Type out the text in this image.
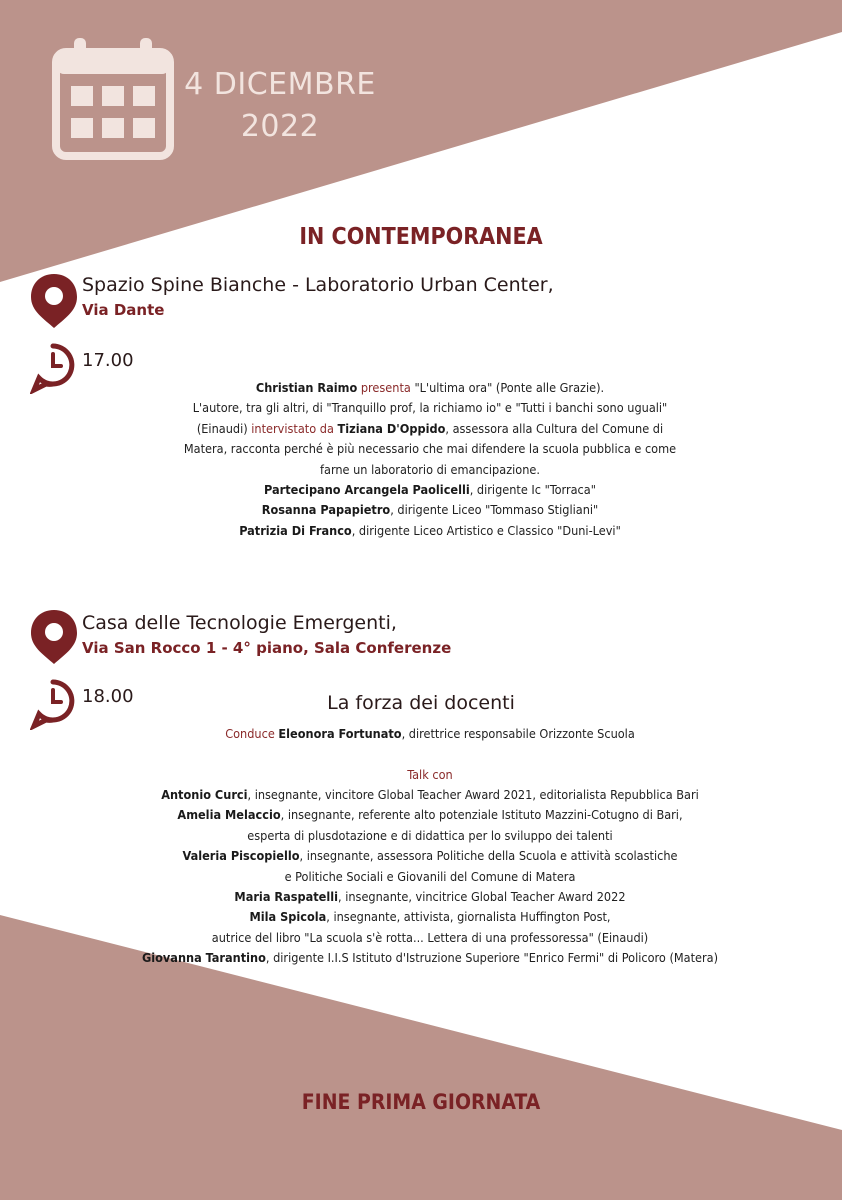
4 DICEMBRE
2022
IN CONTEMPORANEA
Spazio Spine Bianche - Laboratorio Urban Center,
Via Dante
17.00
Christian Raimo presenta "L'ultima ora" (Ponte alle Grazie).
L'autore, tra gli altri, di "Tranquillo prof, la richiamo io" e "Tutti i banchi sono uguali"
(Einaudi) intervistato da Tiziana D'Oppido, assessora alla Cultura del Comune di
Matera, racconta perché è più necessario che mai difendere la scuola pubblica e come
farne un laboratorio di emancipazione.
Partecipano Arcangela Paolicelli, dirigente Ic "Torraca"
Rosanna Papapietro, dirigente Liceo "Tommaso Stigliani"
Patrizia Di Franco, dirigente Liceo Artistico e Classico "Duni-Levi"
Casa delle Tecnologie Emergenti,
Via San Rocco 1 - 4° piano, Sala Conferenze
18.00	La forza dei docenti
Conduce Eleonora Fortunato, direttrice responsabile Orizzonte Scuola
Talk con
Antonio Curci, insegnante, vincitore Global Teacher Award 2021, editorialista Repubblica Bari
Amelia Melaccio, insegnante, referente alto potenziale Istituto Mazzini-Cotugno di Bari,
esperta di plusdotazione e di didattica per lo sviluppo dei talenti
Valeria Piscopiello, insegnante, assessora Politiche della Scuola e attività scolastiche
e Politiche Sociali e Giovanili del Comune di Matera
Maria Raspatelli, insegnante, vincitrice Global Teacher Award 2022
Mila Spicola, insegnante, attivista, giornalista Huffington Post,
autrice del libro "La scuola s'è rotta... Lettera di una professoressa" (Einaudi)
Giovanna Tarantino, dirigente I.I.S Istituto d'Istruzione Superiore "Enrico Fermi" di Policoro (Matera)
FINE PRIMA GIORNATA
